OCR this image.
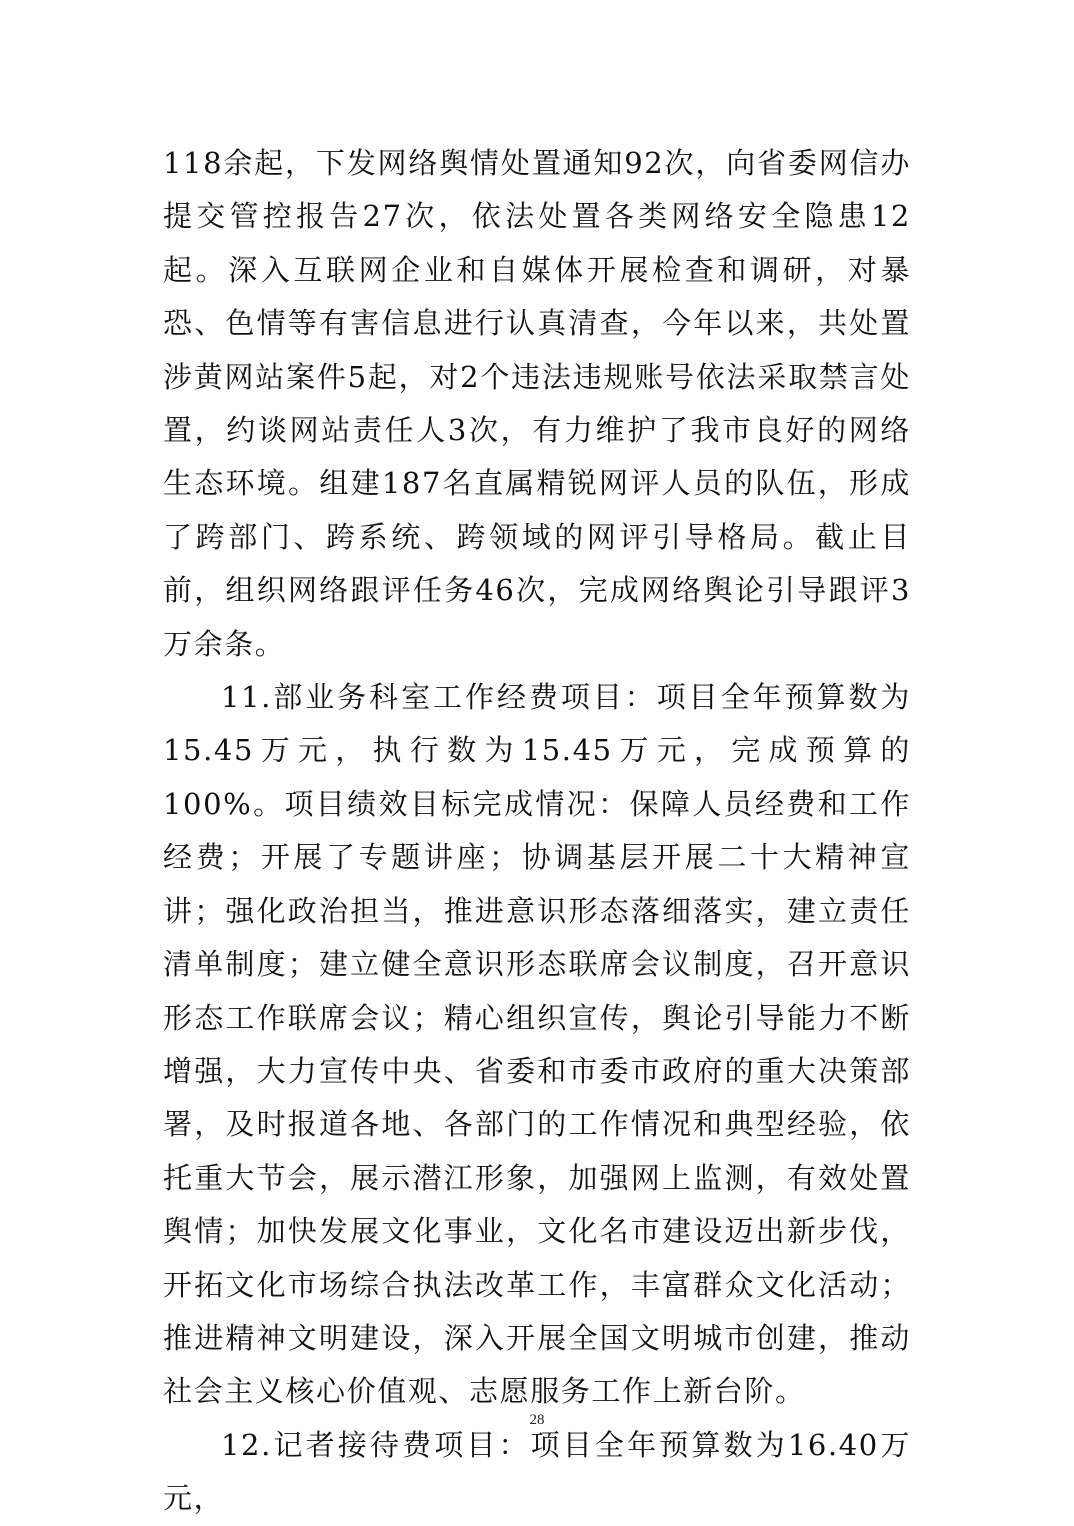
118余起，下发网络舆情处置通知92次，向省委网信办提交管控报告27次，依法处置各类网络安全隐患12起。深入互联网企业和自媒体开展检查和调研，对暴恐、色情等有害信息进行认真清查，今年以来，共处置涉黄网站案件5起，对2个违法违规账号依法采取禁言处置，约谈网站责任人3次，有力维护了我市良好的网络生态环境。组建187名直属精锐网评人员的队伍，形成了跨部门、跨系统、跨领域的网评引导格局。截止目前，组织网络跟评任务46次，完成网络舆论引导跟评3万余条。

11.部业务科室工作经费项目：项目全年预算数为15.45万元，执行数为15.45万元，完成预算的100%。项目绩效目标完成情况：保障人员经费和工作经费；开展了专题讲座；协调基层开展二十大精神宣讲；强化政治担当，推进意识形态落细落实，建立责任清单制度；建立健全意识形态联席会议制度，召开意识形态工作联席会议；精心组织宣传，舆论引导能力不断增强，大力宣传中央、省委和市委市政府的重大决策部署，及时报道各地、各部门的工作情况和典型经验，依托重大节会，展示潜江形象，加强网上监测，有效处置舆情；加快发展文化事业，文化名市建设迈出新步伐，开拓文化市场综合执法改革工作，丰富群众文化活动；推进精神文明建设，深入开展全国文明城市创建，推动社会主义核心价值观、志愿服务工作上新台阶。

12.记者接待费项目：项目全年预算数为16.40万元，

28
